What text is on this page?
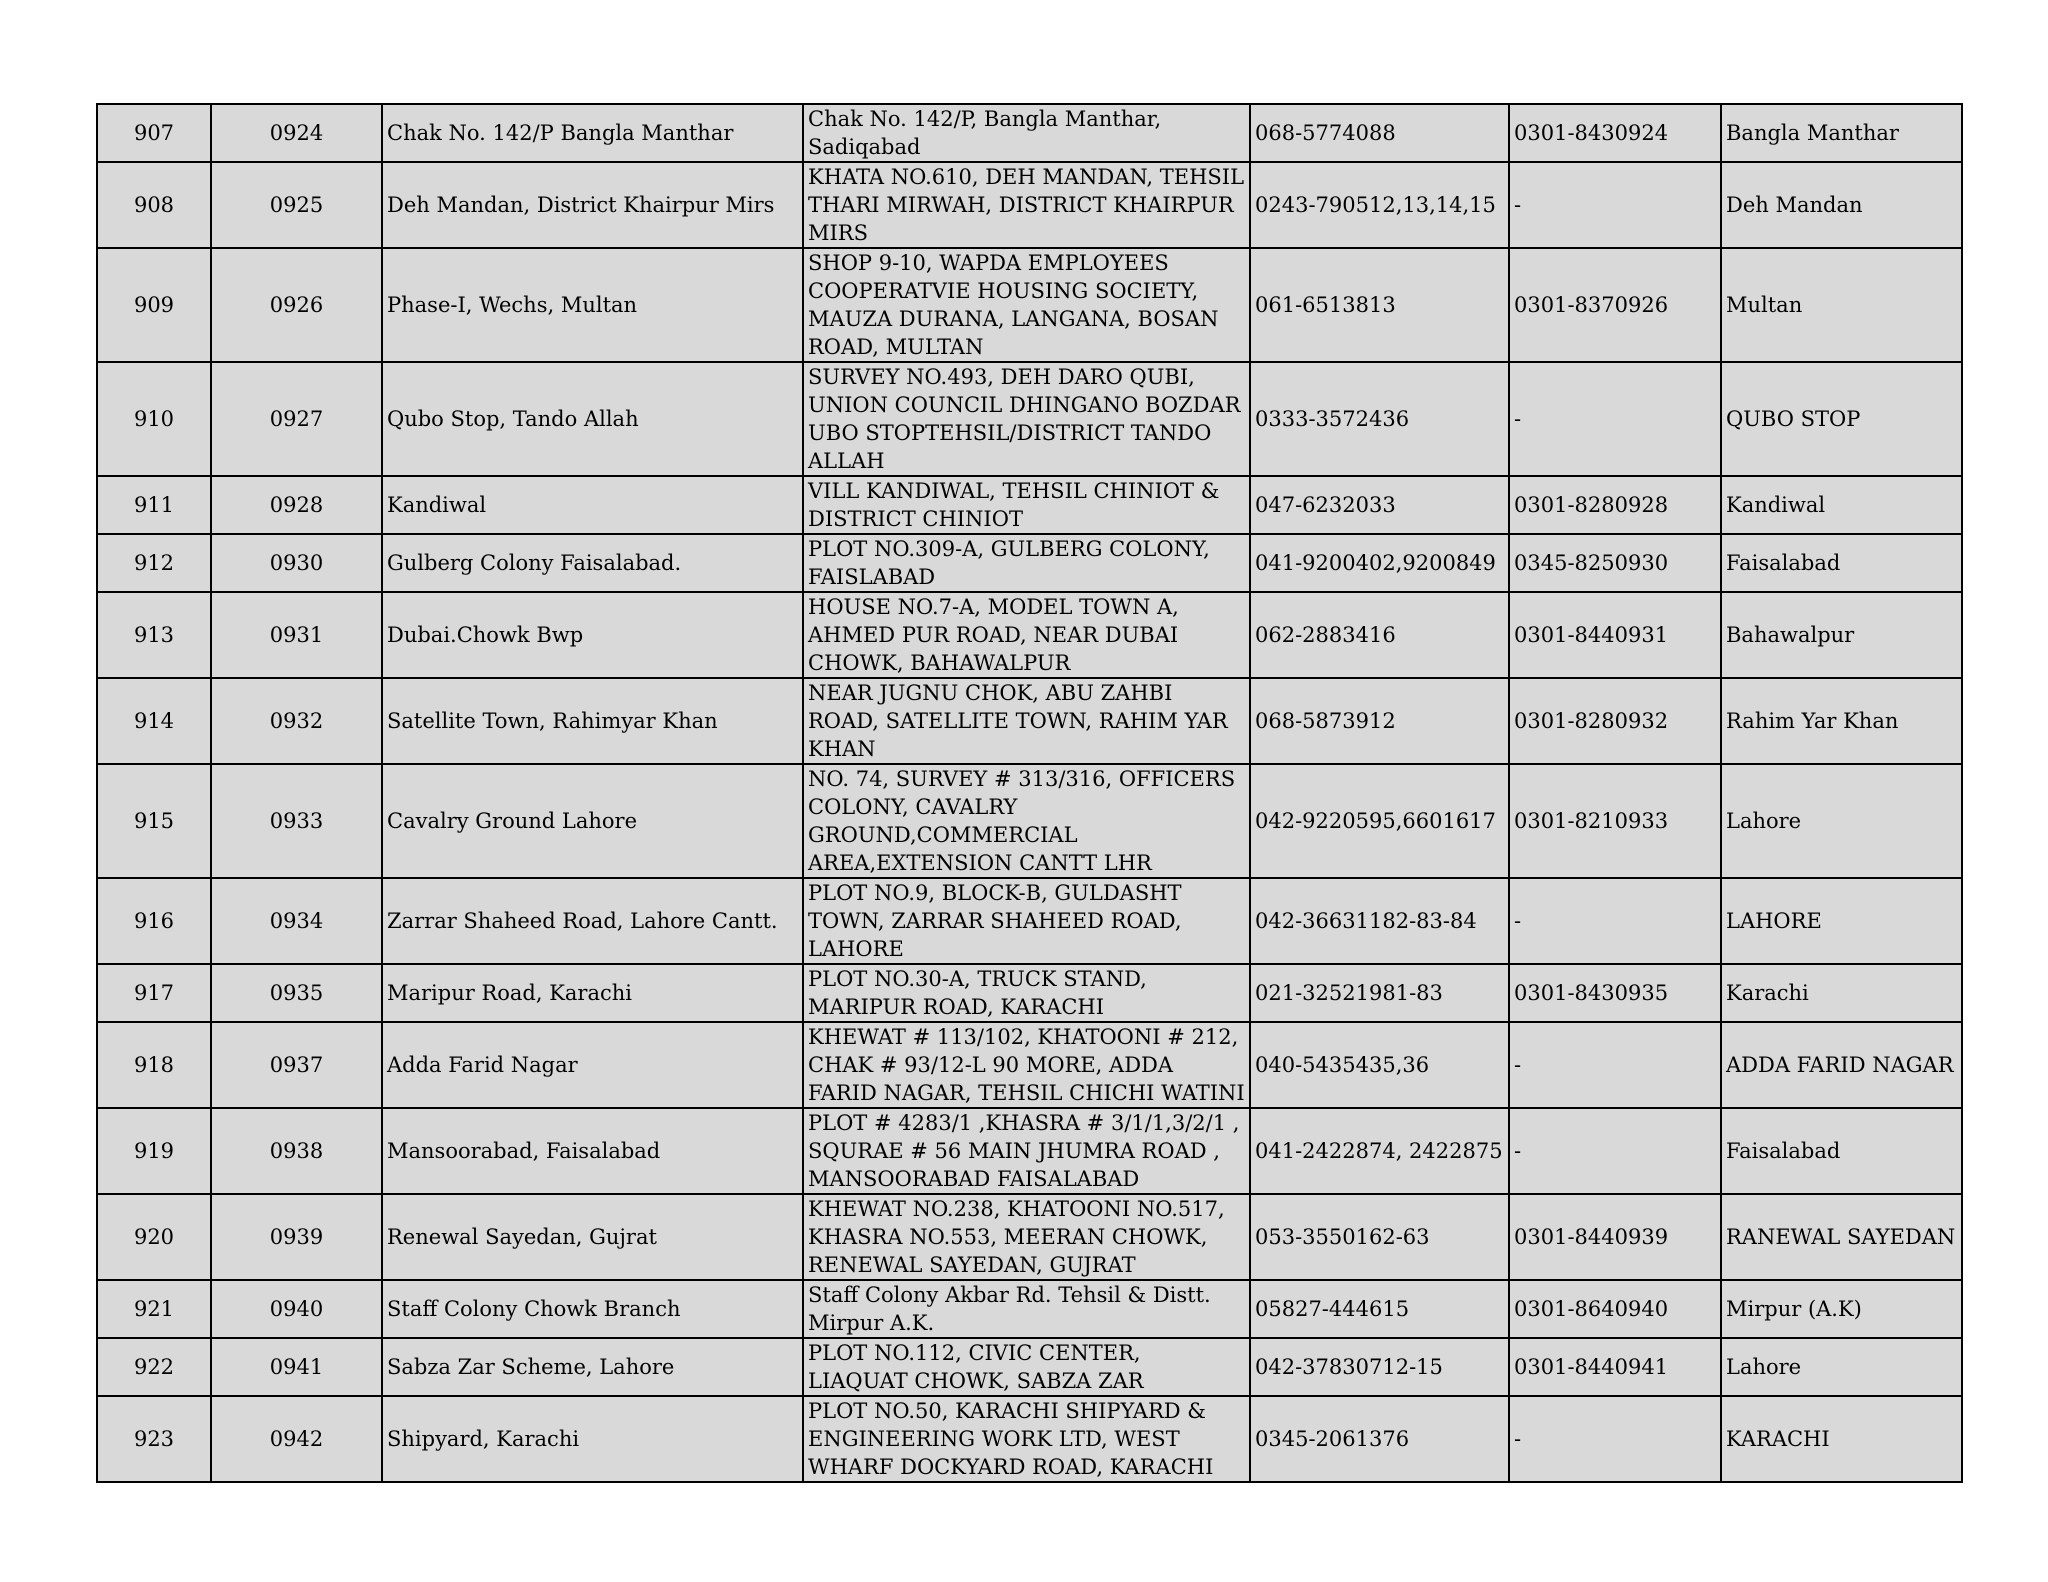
907	0924	Chak No. 142/P Bangla Manthar	Chak No. 142/P, Bangla Manthar, Sadiqabad	068-5774088	0301-8430924	Bangla Manthar
908	0925	Deh Mandan, District Khairpur Mirs	KHATA NO.610, DEH MANDAN, TEHSIL THARI MIRWAH, DISTRICT KHAIRPUR MIRS	0243-790512,13,14,15	-	Deh Mandan
909	0926	Phase-I, Wechs, Multan	SHOP 9-10, WAPDA EMPLOYEES COOPERATVIE HOUSING SOCIETY, MAUZA DURANA, LANGANA, BOSAN ROAD, MULTAN	061-6513813	0301-8370926	Multan
910	0927	Qubo Stop, Tando Allah	SURVEY NO.493, DEH DARO QUBI, UNION COUNCIL DHINGANO BOZDAR UBO STOPTEHSIL/DISTRICT TANDO ALLAH	0333-3572436	-	QUBO STOP
911	0928	Kandiwal	VILL KANDIWAL, TEHSIL CHINIOT & DISTRICT CHINIOT	047-6232033	0301-8280928	Kandiwal
912	0930	Gulberg Colony Faisalabad.	PLOT NO.309-A, GULBERG COLONY, FAISLABAD	041-9200402,9200849	0345-8250930	Faisalabad
913	0931	Dubai.Chowk Bwp	HOUSE NO.7-A, MODEL TOWN A, AHMED PUR ROAD, NEAR DUBAI CHOWK, BAHAWALPUR	062-2883416	0301-8440931	Bahawalpur
914	0932	Satellite Town, Rahimyar Khan	NEAR JUGNU CHOK, ABU ZAHBI ROAD, SATELLITE TOWN, RAHIM YAR KHAN	068-5873912	0301-8280932	Rahim Yar Khan
915	0933	Cavalry Ground Lahore	NO. 74, SURVEY # 313/316, OFFICERS COLONY, CAVALRY GROUND,COMMERCIAL AREA,EXTENSION CANTT LHR	042-9220595,6601617	0301-8210933	Lahore
916	0934	Zarrar Shaheed Road, Lahore Cantt.	PLOT NO.9, BLOCK-B, GULDASHT TOWN, ZARRAR SHAHEED ROAD, LAHORE	042-36631182-83-84	-	LAHORE
917	0935	Maripur Road, Karachi	PLOT NO.30-A, TRUCK STAND, MARIPUR ROAD, KARACHI	021-32521981-83	0301-8430935	Karachi
918	0937	Adda Farid Nagar	KHEWAT # 113/102, KHATOONI # 212, CHAK # 93/12-L 90 MORE, ADDA FARID NAGAR, TEHSIL CHICHI WATINI	040-5435435,36	-	ADDA FARID NAGAR
919	0938	Mansoorabad, Faisalabad	PLOT # 4283/1 ,KHASRA # 3/1/1,3/2/1 , SQURAE # 56 MAIN JHUMRA ROAD , MANSOORABAD FAISALABAD	041-2422874, 2422875	-	Faisalabad
920	0939	Renewal Sayedan, Gujrat	KHEWAT NO.238, KHATOONI NO.517, KHASRA NO.553, MEERAN CHOWK, RENEWAL SAYEDAN, GUJRAT	053-3550162-63	0301-8440939	RANEWAL SAYEDAN
921	0940	Staff Colony Chowk Branch	Staff Colony Akbar Rd. Tehsil & Distt. Mirpur A.K.	05827-444615	0301-8640940	Mirpur (A.K)
922	0941	Sabza Zar Scheme, Lahore	PLOT NO.112, CIVIC CENTER, LIAQUAT CHOWK, SABZA ZAR	042-37830712-15	0301-8440941	Lahore
923	0942	Shipyard, Karachi	PLOT NO.50, KARACHI SHIPYARD & ENGINEERING WORK LTD, WEST WHARF DOCKYARD ROAD, KARACHI	0345-2061376	-	KARACHI
